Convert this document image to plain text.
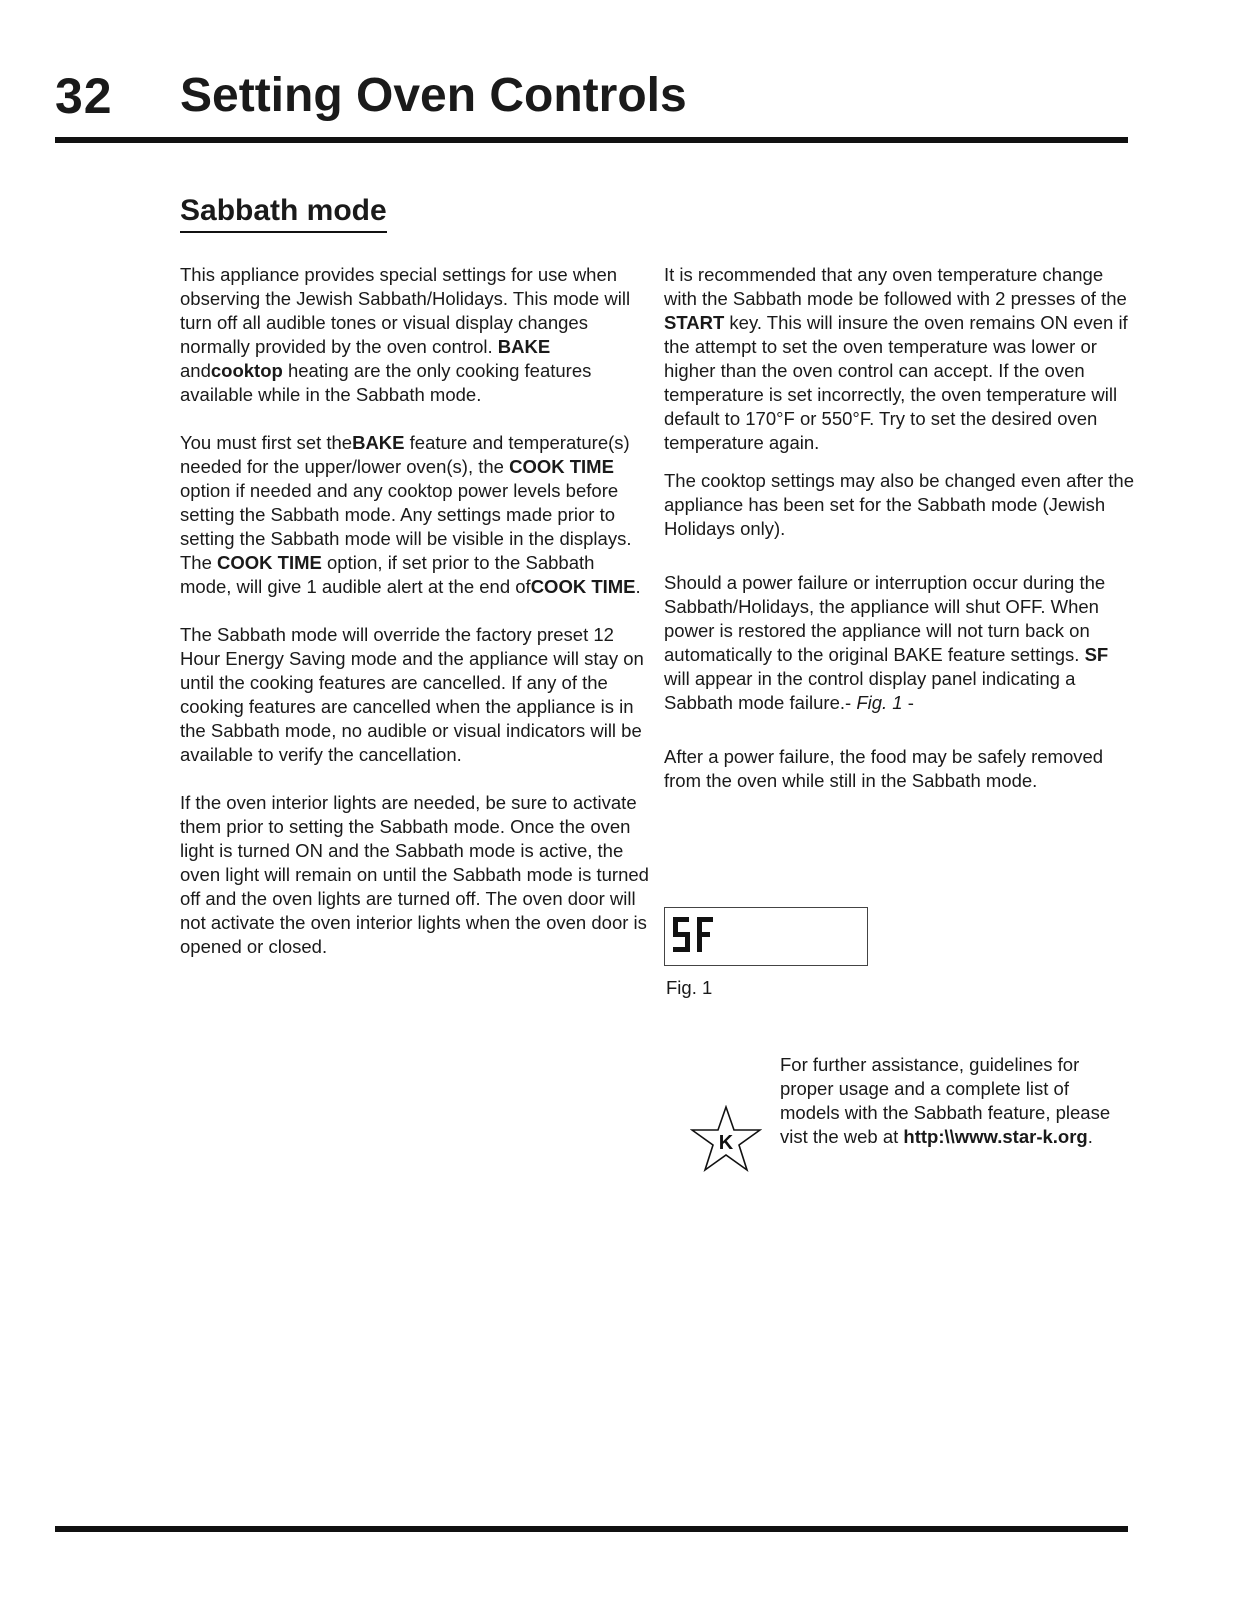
32 Setting Oven Controls
Sabbath mode

This appliance provides special settings for use when observing the Jewish Sabbath/Holidays. This mode will turn off all audible tones or visual display changes normally provided by the oven control. BAKE andcooktop heating are the only cooking features available while in the Sabbath mode.

You must first set theBAKE feature and temperature(s) needed for the upper/lower oven(s), the COOK TIME option if needed and any cooktop power levels before setting the Sabbath mode. Any settings made prior to setting the Sabbath mode will be visible in the displays. The COOK TIME option, if set prior to the Sabbath mode, will give 1 audible alert at the end ofCOOK TIME.

The Sabbath mode will override the factory preset 12 Hour Energy Saving mode and the appliance will stay on until the cooking features are cancelled. If any of the cooking features are cancelled when the appliance is in the Sabbath mode, no audible or visual indicators will be available to verify the cancellation.

If the oven interior lights are needed, be sure to activate them prior to setting the Sabbath mode. Once the oven light is turned ON and the Sabbath mode is active, the oven light will remain on until the Sabbath mode is turned off and the oven lights are turned off. The oven door will not activate the oven interior lights when the oven door is opened or closed.

It is recommended that any oven temperature change with the Sabbath mode be followed with 2 presses of the START key. This will insure the oven remains ON even if the attempt to set the oven temperature was lower or higher than the oven control can accept. If the oven temperature is set incorrectly, the oven temperature will default to 170°F or 550°F. Try to set the desired oven temperature again.

The cooktop settings may also be changed even after the appliance has been set for the Sabbath mode (Jewish Holidays only).

Should a power failure or interruption occur during the Sabbath/Holidays, the appliance will shut OFF. When power is restored the appliance will not turn back on automatically to the original BAKE feature settings. SF will appear in the control display panel indicating a Sabbath mode failure.- Fig. 1 -

After a power failure, the food may be safely removed from the oven while still in the Sabbath mode.

Fig. 1
K
For further assistance, guidelines for proper usage and a complete list of models with the Sabbath feature, please vist the web at http:\\www.star-k.org.
